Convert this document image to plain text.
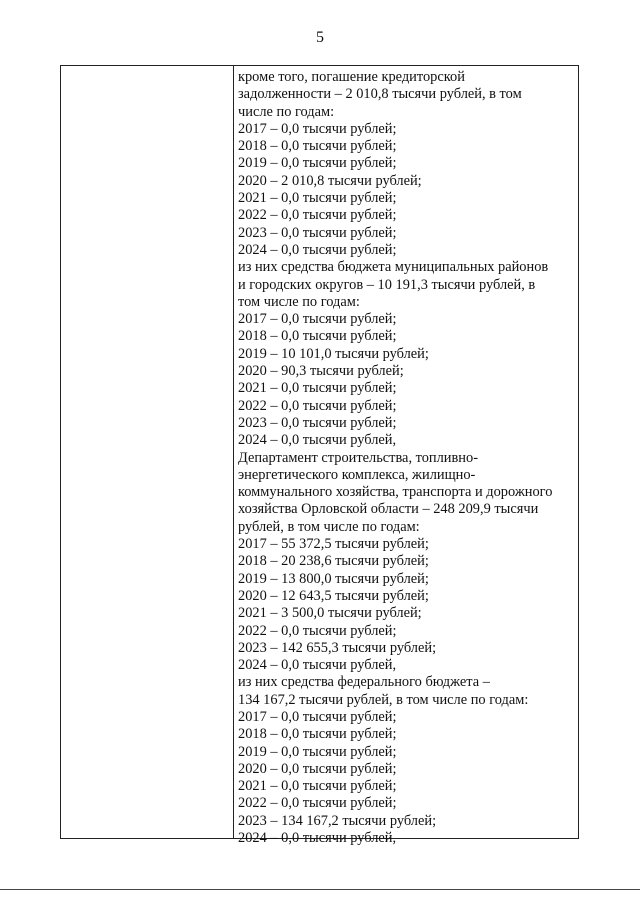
5
кроме того, погашение кредиторской
задолженности – 2 010,8 тысячи рублей, в том
числе по годам:
2017 – 0,0 тысячи рублей;
2018 – 0,0 тысячи рублей;
2019 – 0,0 тысячи рублей;
2020 – 2 010,8 тысячи рублей;
2021 – 0,0 тысячи рублей;
2022 – 0,0 тысячи рублей;
2023 – 0,0 тысячи рублей;
2024 – 0,0 тысячи рублей;
из них средства бюджета муниципальных районов
и городских округов – 10 191,3 тысячи рублей, в
том числе по годам:
2017 – 0,0 тысячи рублей;
2018 – 0,0 тысячи рублей;
2019 – 10 101,0 тысячи рублей;
2020 – 90,3 тысячи рублей;
2021 – 0,0 тысячи рублей;
2022 – 0,0 тысячи рублей;
2023 – 0,0 тысячи рублей;
2024 – 0,0 тысячи рублей,
Департамент строительства, топливно-
энергетического комплекса, жилищно-
коммунального хозяйства, транспорта и дорожного
хозяйства Орловской области – 248 209,9 тысячи
рублей, в том числе по годам:
2017 – 55 372,5 тысячи рублей;
2018 – 20 238,6 тысячи рублей;
2019 – 13 800,0 тысячи рублей;
2020 – 12 643,5 тысячи рублей;
2021 – 3 500,0 тысячи рублей;
2022 – 0,0 тысячи рублей;
2023 – 142 655,3 тысячи рублей;
2024 – 0,0 тысячи рублей,
из них средства федерального бюджета –
134 167,2 тысячи рублей, в том числе по годам:
2017 – 0,0 тысячи рублей;
2018 – 0,0 тысячи рублей;
2019 – 0,0 тысячи рублей;
2020 – 0,0 тысячи рублей;
2021 – 0,0 тысячи рублей;
2022 – 0,0 тысячи рублей;
2023 – 134 167,2 тысячи рублей;
2024 – 0,0 тысячи рублей,
